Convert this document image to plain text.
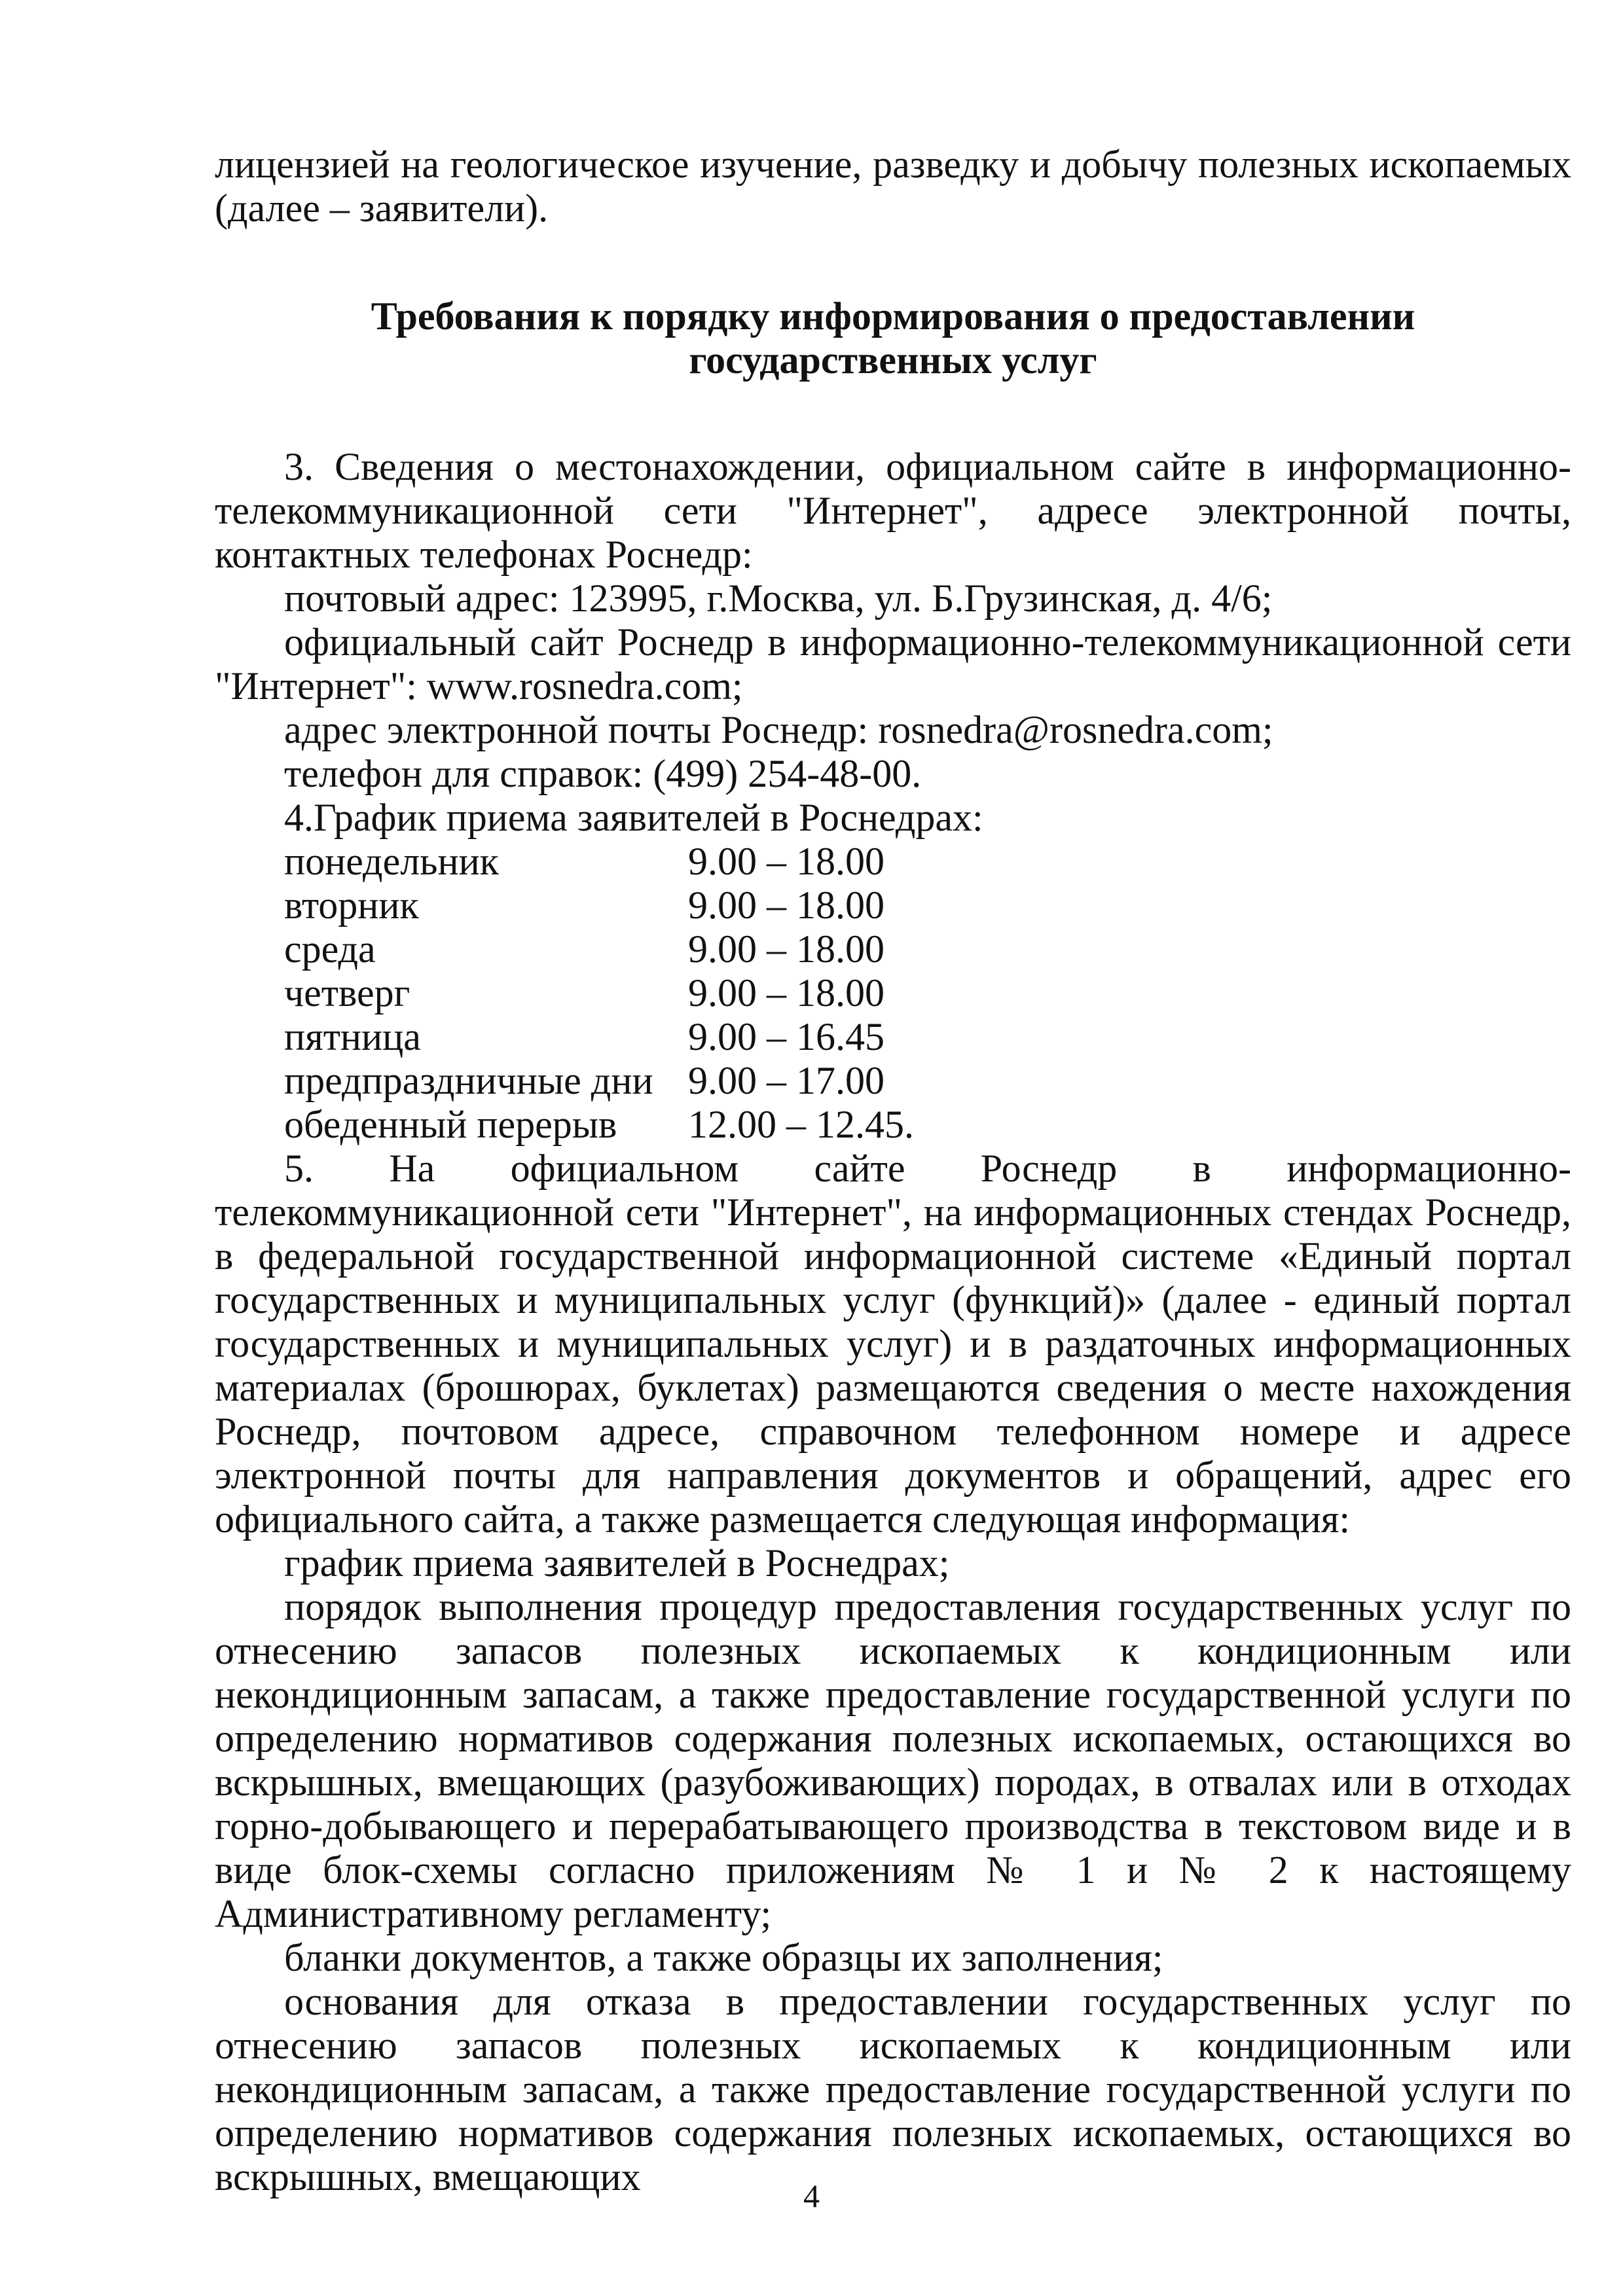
лицензией на геологическое изучение, разведку и добычу полезных ископаемых (далее – заявители).

Требования к порядку информирования о предоставлении
государственных услуг

3. Сведения о местонахождении, официальном сайте в информационно-телекоммуникационной сети "Интернет", адресе электронной почты, контактных телефонах Роснедр:

почтовый адрес: 123995, г.Москва, ул. Б.Грузинская, д. 4/6;

официальный сайт Роснедр в информационно-телекоммуникационной сети "Интернет": www.rosnedra.com;

адрес электронной почты Роснедр: rosnedra@rosnedra.com;

телефон для справок: (499) 254-48-00.

4.График приема заявителей в Роснедрах:

понедельник	9.00 – 18.00
вторник	9.00 – 18.00
среда	9.00 – 18.00
четверг	9.00 – 18.00
пятница	9.00 – 16.45
предпраздничные дни 9.00 – 17.00
обеденный перерыв	12.00 – 12.45.

5. На официальном сайте Роснедр в информационно-телекоммуникационной сети "Интернет", на информационных стендах Роснедр, в федеральной государственной информационной системе «Единый портал государственных и муниципальных услуг (функций)» (далее - единый портал государственных и муниципальных услуг) и в раздаточных информационных материалах (брошюрах, буклетах) размещаются сведения о месте нахождения Роснедр, почтовом адресе, справочном телефонном номере и адресе электронной почты для направления документов и обращений, адрес его официального сайта, а также размещается следующая информация:

график приема заявителей в Роснедрах;

порядок выполнения процедур предоставления государственных услуг по отнесению запасов полезных ископаемых к кондиционным или некондиционным запасам, а также предоставление государственной услуги по определению нормативов содержания полезных ископаемых, остающихся во вскрышных, вмещающих (разубоживающих) породах, в отвалах или в отходах горно-добывающего и перерабатывающего производства в текстовом виде и в виде блок-схемы согласно приложениям № 1 и № 2 к настоящему Административному регламенту;

бланки документов, а также образцы их заполнения;

основания для отказа в предоставлении государственных услуг по отнесению запасов полезных ископаемых к кондиционным или некондиционным запасам, а также предоставление государственной услуги по определению нормативов содержания полезных ископаемых, остающихся во вскрышных, вмещающих	4
